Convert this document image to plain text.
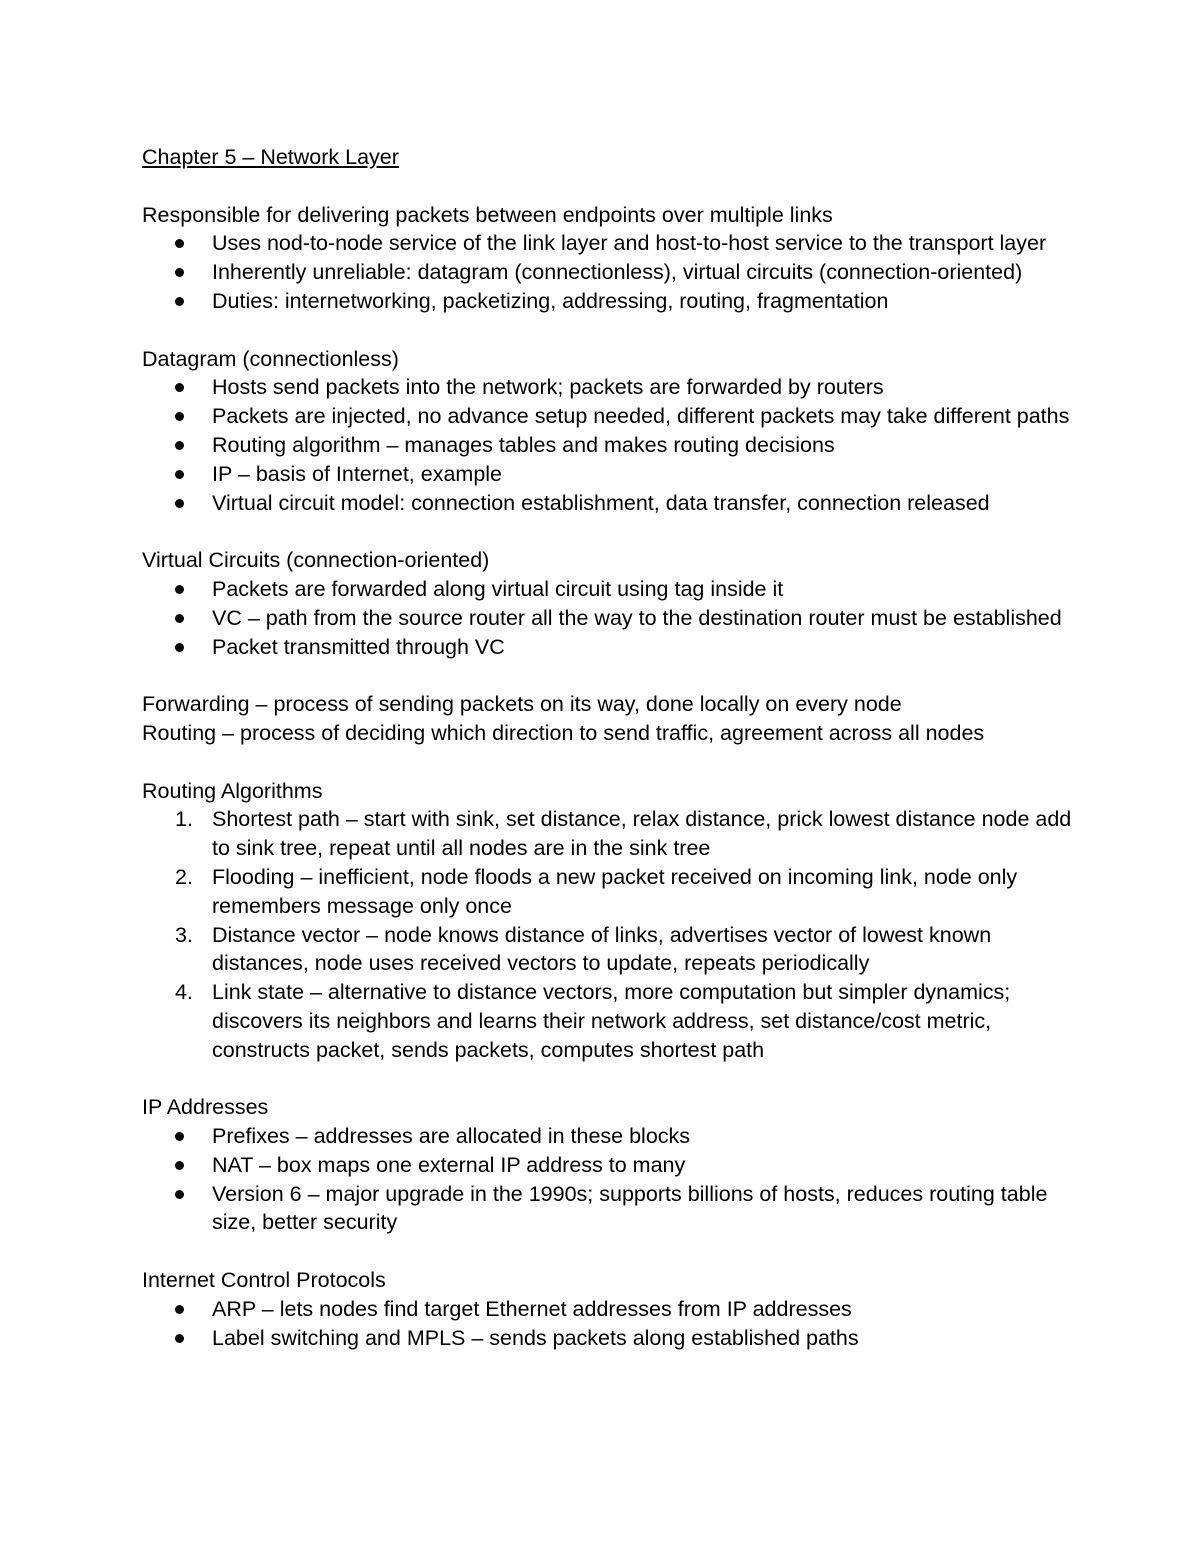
Chapter 5 – Network Layer

Responsible for delivering packets between endpoints over multiple links

Uses nod-to-node service of the link layer and host-to-host service to the transport layer
Inherently unreliable: datagram (connectionless), virtual circuits (connection-oriented)
Duties: internetworking, packetizing, addressing, routing, fragmentation

Datagram (connectionless)

Hosts send packets into the network; packets are forwarded by routers
Packets are injected, no advance setup needed, different packets may take different paths
Routing algorithm – manages tables and makes routing decisions
IP – basis of Internet, example
Virtual circuit model: connection establishment, data transfer, connection released

Virtual Circuits (connection-oriented)

Packets are forwarded along virtual circuit using tag inside it
VC – path from the source router all the way to the destination router must be established
Packet transmitted through VC

Forwarding – process of sending packets on its way, done locally on every node

Routing – process of deciding which direction to send traffic, agreement across all nodes

Routing Algorithms

1. Shortest path – start with sink, set distance, relax distance, prick lowest distance node add to sink tree, repeat until all nodes are in the sink tree
2. Flooding – inefficient, node floods a new packet received on incoming link, node only remembers message only once
3. Distance vector – node knows distance of links, advertises vector of lowest known distances, node uses received vectors to update, repeats periodically
4. Link state – alternative to distance vectors, more computation but simpler dynamics; discovers its neighbors and learns their network address, set distance/cost metric, constructs packet, sends packets, computes shortest path

IP Addresses

Prefixes – addresses are allocated in these blocks
NAT – box maps one external IP address to many
Version 6 – major upgrade in the 1990s; supports billions of hosts, reduces routing table size, better security

Internet Control Protocols

ARP – lets nodes find target Ethernet addresses from IP addresses
Label switching and MPLS – sends packets along established paths
